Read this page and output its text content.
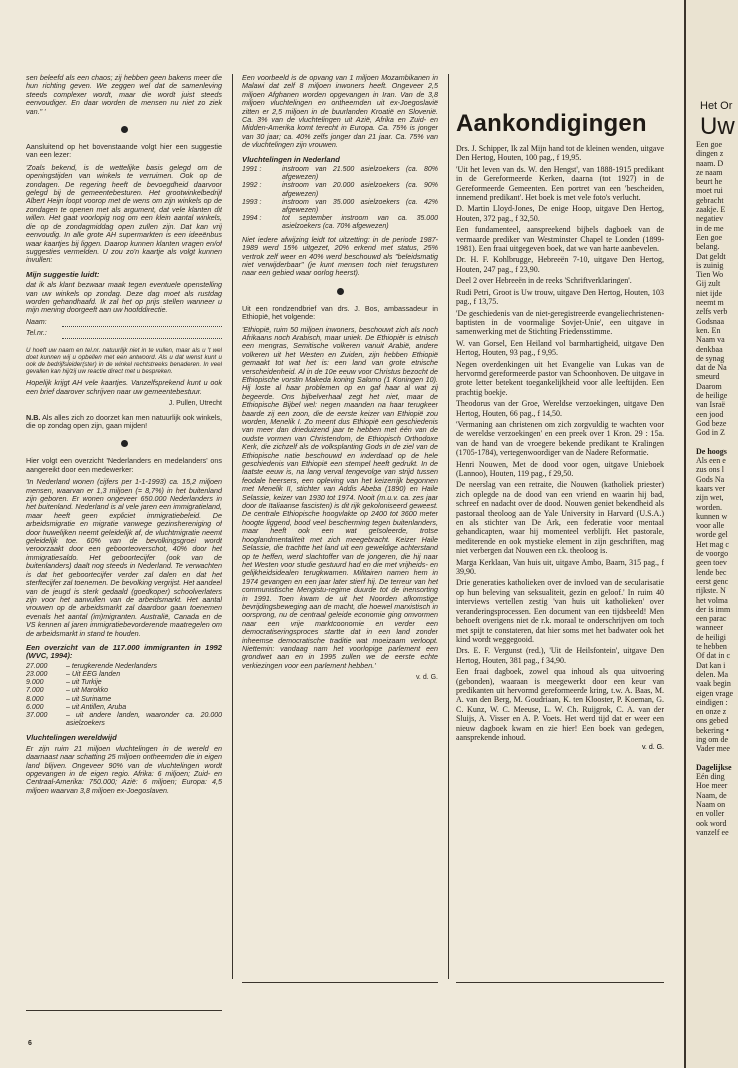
sen beleefd als een chaos; zij hebben geen bakens meer die hun richting geven. We zeggen wel dat de samenleving steeds complexer wordt, maar die wordt juist steeds eenvoudiger. En daar worden de mensen nu niet zo ziek van." '

Aansluitend op het bovenstaande volgt hier een suggestie van een lezer:

'Zoals bekend, is de wettelijke basis gelegd om de openingstijden van winkels te verruimen. Ook op de zondagen. De regering heeft de bevoegdheid daarvoor gelegd bij de gemeentebesturen. Het grootwinkelbedrijf Albert Heijn loopt voorop met de wens om zijn winkels op de zondagen te openen met als argument, dat vele klanten dit willen. Het gaat voorlopig nog om een klein aantal winkels, die op de zondagmiddag open zullen zijn. Dat kan vrij eenvoudig. In alle grote AH supermarkten is een ideeënbus waar kaartjes bij liggen. Daarop kunnen klanten vragen en/of suggesties vermelden. U zou zo'n kaartje als volgt kunnen invullen:

Mijn suggestie luidt:

dat ik als klant bezwaar maak tegen eventuele openstelling van uw winkels op zondag. Deze dag moet als rustdag worden gehandhaafd. Ik zal het op prijs stellen wanneer u mijn mening doorgeeft aan uw hoofddirectie.

Naam:
Tel.nr.:

U hoeft uw naam en tel.nr. natuurlijk niet in te vullen, maar als u 't wel doet kunnen wij u opbellen met een antwoord. Als u dat wenst kunt u ook de bedrijfsleider(ster) in de winkel rechtstreeks benaderen. In veel gevallen kan hij/zij uw reactie direct met u bespreken.

Hopelijk krijgt AH vele kaartjes. Vanzelfsprekend kunt u ook een brief daarover schrijven naar uw gemeentebestuur.

J. Pullen, Utrecht

N.B. Als alles zich zo doorzet kan men natuurlijk ook winkels, die op zondag open zijn, gaan mijden!

Hier volgt een overzicht 'Nederlanders en medelanders' ons aangereikt door een medewerker:

'In Nederland wonen (cijfers per 1-1-1993) ca. 15,2 miljoen mensen, waarvan er 1,3 miljoen (= 8,7%) in het buitenland zijn geboren. Er wonen ongeveer 650.000 Nederlanders in het buitenland. Nederland is al vele jaren een immigratieland, maar heeft geen expliciet immigratiebeleid. De arbeidsmigratie en migratie vanwege gezinshereniging of door huwelijken neemt geleidelijk af, de vluchtmigratie neemt geleidelijk toe. 60% van de bevolkingsgroei wordt veroorzaakt door een geboorteoverschot, 40% door het immigratiesaldo. Het geboortecijfer (ook van de buitenlanders) daalt nog steeds in Nederland. Te verwachten is dat het geboortecijfer verder zal dalen en dat het sterftecijfer zal toenemen. De bevolking vergrijst. Het aandeel van de jeugd is sterk gedaald (goedkoper) schoolverlaters zijn voor het aanvullen van de arbeidsmarkt. Het aantal vrouwen op de arbeidsmarkt zal daardoor gaan toenemen evenals het aantal (im)migranten. Australië, Canada en de VS kennen al jaren immigratiebevorderende maatregelen om de arbeidsmarkt in stand te houden.

Een overzicht van de 117.000 immigranten in 1992 (WVC, 1994):
27.000	– terugkerende Nederlanders
23.000	– Uit EEG landen
9.000	– uit Turkije
7.000	– uit Marokko
8.000	– uit Suriname
6.000	– uit Antillen, Aruba
37.000	– uit andere landen, waaronder ca. 20.000 asielzoekers
Vluchtelingen wereldwijd

Er zijn ruim 21 miljoen vluchtelingen in de wereld en daarnaast naar schatting 25 miljoen ontheemden die in eigen land blijven. Ongeveer 90% van de vluchtelingen wordt opgevangen in de eigen regio. Afrika: 6 miljoen; Zuid- en Centraal-Amerika: 750.000; Azië: 6 miljoen; Europa: 4,5 miljoen waarvan 3,8 miljoen ex-Joegoslaven.

Een voorbeeld is de opvang van 1 miljoen Mozambikanen in Malawi dat zelf 8 miljoen inwoners heeft. Ongeveer 2,5 miljoen Afghanen worden opgevangen in Iran. Van de 3,8 miljoen vluchtelingen en ontheemden uit ex-Joegoslavië zitten er 2,5 miljoen in de buurlanden Kroatië en Slovenië. Ca. 3% van de vluchtelingen uit Azië, Afrika en Zuid- en Midden-Amerika komt terecht in Europa. Ca. 75% is jonger van 30 jaar; ca. 40% zelfs jonger dan 21 jaar. Ca. 75% van de vluchtelingen zijn vrouwen.

Vluchtelingen in Nederland
1991 :	instroom van 21.500 asielzoekers (ca. 80% afgewezen)
1992 :	instroom van 20.000 asielzoekers (ca. 90% afgewezen)
1993 :	instroom van 35.000 asielzoekers (ca. 42% afgewezen)
1994 :	tot september instroom van ca. 35.000 asielzoekers (ca. 70% afgewezen)

Niet iedere afwijzing leidt tot uitzetting: in de periode 1987-1989 werd 15% uitgezet, 20% erkend met status, 25% vertrok zelf weer en 40% werd beschouwd als "beleidsmatig niet verwijderbaar" (je kunt mensen toch niet terugsturen naar een gebied waar oorlog heerst).

Uit een rondzendbrief van drs. J. Bos, ambassadeur in Ethiopië, het volgende:

'Ethiopië, ruim 50 miljoen inwoners, beschouwt zich als noch Afrikaans noch Arabisch, maar uniek. De Ethiopiër is etnisch een mengras, Semitische volkeren vanuit Arabië, andere volkeren uit het Westen en Zuiden, zijn hebben Ethiopië gemaakt tot wat het is: een land van grote etnische verscheidenheid. Al in de 10e eeuw voor Christus bezocht de Ethiopische vorstin Makeda koning Salomo (1 Koningen 10). Hij loste al haar problemen op en gaf haar al wat zij begeerde. Ons bijbelverhaal zegt het niet, maar de Ethiopische Bijbel wel: negen maanden na haar terugkeer baarde zij een zoon, die de eerste keizer van Ethiopië zou worden, Menelik I. Zo meent dus Ethiopië een geschiedenis van meer dan drieduizend jaar te hebben met één van de oudste vormen van Christendom, de Ethiopisch Orthodoxe Kerk, die zichzelf als de volksplanting Gods in de ziel van de Ethiopische natie beschouwd en inderdaad op de hele geschiedenis van Ethiopië een stempel heeft gedrukt. In de laatste eeuw is, na lang verval tengevolge van strijd tussen feodale heersers, een opleving van het keizerrijk begonnen met Menelik II, stichter van Addis Abeba (1890) en Haile Selassie, keizer van 1930 tot 1974. Nooit (m.u.v. ca. zes jaar door de Italiaanse fascisten) is dit rijk gekoloniseerd geweest. De centrale Ethiopische hoogvlakte op 2400 tot 3600 meter hoogte liggend, bood veel bescherming tegen buitenlanders, maar heeft ook een wat geïsoleerde, trotse hooglandmentaliteit met zich meegebracht. Keizer Haile Selassie, die trachtte het land uit een geweldige achterstand op te heffen, werd slachtoffer van de jongeren, die hij naar het Westen voor studie gestuurd had en die met vrijheids- en gelijkheidsidealen terugkwamen. Militairen namen hem in 1974 gevangen en een jaar later stierf hij. De terreur van het communistische Mengistu-regime duurde tot de inensorting in 1991. Toen kwam de uit het Noorden afkomstige bevrijdingsbeweging aan de macht, die hoewel marxistisch in oorsprong, nu de centraal geleide economie ging omvormen naar een vrije marktcoonomie en verder een democratiseringsproces startte dat in een land zonder inheemse democratische traditie wat moeizaam verloopt. Niettemin: vandaag nam het voorlopige parlement een grondwet aan en in 1995 zullen we de eerste echte verkiezingen voor een parlement hebben.'

v. d. G.
Aankondigingen

Drs. J. Schipper, Ik zal Mijn hand tot de kleinen wenden, uitgave Den Hertog, Houten, 100 pag., f 19,95.

'Uit het leven van ds. W. den Hengst', van 1888-1915 predikant in de Gereformeerde Kerken, daarna (tot 1927) in de Gereformeerde Gemeenten. Een portret van een 'bescheiden, innemend predikant'. Het boek is met vele foto's verlucht.

D. Martin Lloyd-Jones, De enige Hoop, uitgave Den Hertog, Houten, 372 pag., f 32,50.

Een fundamenteel, aanspreekend bijbels dagboek van de vermaarde prediker van Westminster Chapel te Londen (1899-1981). Een fraai uitgegeven boek, dat we van harte aanbevelen.

Dr. H. F. Kohlbrugge, Hebreeën 7-10, uitgave Den Hertog, Houten, 247 pag., f 23,90.

Deel 2 over Hebreeën in de reeks 'Schriftverklaringen'.

Rudi Petri, Groot is Uw trouw, uitgave Den Hertog, Houten, 103 pag., f 13,75.

'De geschiedenis van de niet-geregistreerde evangeliechristenen-baptisten in de voormalige Sovjet-Unie', een uitgave in samenwerking met de Stichting Friedensstimme.

W. van Gorsel, Een Heiland vol barmhartigheid, uitgave Den Hertog, Houten, 93 pag., f 9,95.

Negen overdenkingen uit het Evangelie van Lukas van de hervormd gereformeerde pastor van Schoonhoven. De uitgave in grote letter betekent toegankelijkheid voor alle leeftijden. Een prachtig boekje.

Theodorus van der Groe, Wereldse verzoekingen, uitgave Den Hertog, Houten, 66 pag., f 14,50.

'Vermaning aan christenen om zich zorgvuldig te wachten voor de wereldse verzoekingen' en een preek over 1 Kron. 29 : 15a. van de hand van de vroegere bekende predikant te Kralingen (1705-1784), vertegenwoordiger van de Nadere Reformatie.

Henri Nouwen, Met de dood voor ogen, uitgave Unieboek (Lannoo), Houten, 119 pag., f 29,50.

De neerslag van een retraite, die Nouwen (katholiek priester) zich oplegde na de dood van een vriend en waarin hij bad, schreef en nadacht over de dood. Nouwen geniet bekendheid als pastoraal theoloog aan de Yale University in Harvard (U.S.A.) en als stichter van De Ark, een federatie voor mentaal gehandicapten, waar hij momenteel verblijft. Het pastorale, mediterende en ook mystieke element in zijn geschriften, mag niet verbergen dat Nouwen een r.k. theoloog is.

Marga Kerklaan, Van huis uit, uitgave Ambo, Baarn, 315 pag., f 39,90.

Drie generaties katholieken over de invloed van de secularisatie op hun beleving van seksualiteit, gezin en geloof.' In ruim 40 interviews vertellen zestig 'van huis uit katholieken' over veranderingsprocessen. Een document van een tijdsbeeld! Men behoeft overigens niet de r.k. moraal te onderschrijven om toch met spijt te constateren, dat hier soms met het badwater ook het kind wordt weggegooid.

Drs. E. F. Vergunst (red.), 'Uit de Heilsfontein', uitgave Den Hertog, Houten, 381 pag., f 34,90.

Een fraai dagboek, zowel qua inhoud als qua uitvoering (gebonden), waaraan is meegewerkt door een keur van predikanten uit hervormd gereformeerde kring, t.w. A. Baas, M. A. van den Berg, M. Goudriaan, K. ten Klooster, P. Koeman, G. C. Kunz, W. C. Meeuse, L. W. Ch. Ruijgrok, C. A. van der Sluijs, A. Visser en A. P. Voets. Het werd tijd dat er weer een nieuw dagboek kwam en zie hier! Een boek van gedegen, aansprekende inhoud.

v. d. G.
6
Het Or
Uw
Een goe
dingen z
naam. D
ze naam
beurt he
moet rui
gebracht
zaakje. E
negatiev
in de me
Een goe
belang.
Dat geldt
is zuinig
Tien Wo
Gij zult
niet ijde
neemt m
zelfs verb
Godsnaa
ken. En
Naam va
denkbaa
de synag
dat de Na
smeurd
Daarom
de heilige
van Israë
een jood
God beze
God in Z
De hoogs
Als een e
zus ons l
Gods Na
kaars ver
zijn wet,
worden.
kunnen w
voor alle
worde gel
Het mag c
de voorgo
geen toev
lende bec
eerst genc
rijkste. N
het volma
der is imm
een parac
wanneer
de heiligi
te hebben
Of dat in c
Dat kan i
delen. Ma
vaak begin
eigen vrage
eindigen :
en onze z
ons gebed
bekering •
ing om de
Vader mee
Dagelijkse
Eén ding
Hoe meer
Naam, de
Naam on
en voller
ook word
vanzelf ee
